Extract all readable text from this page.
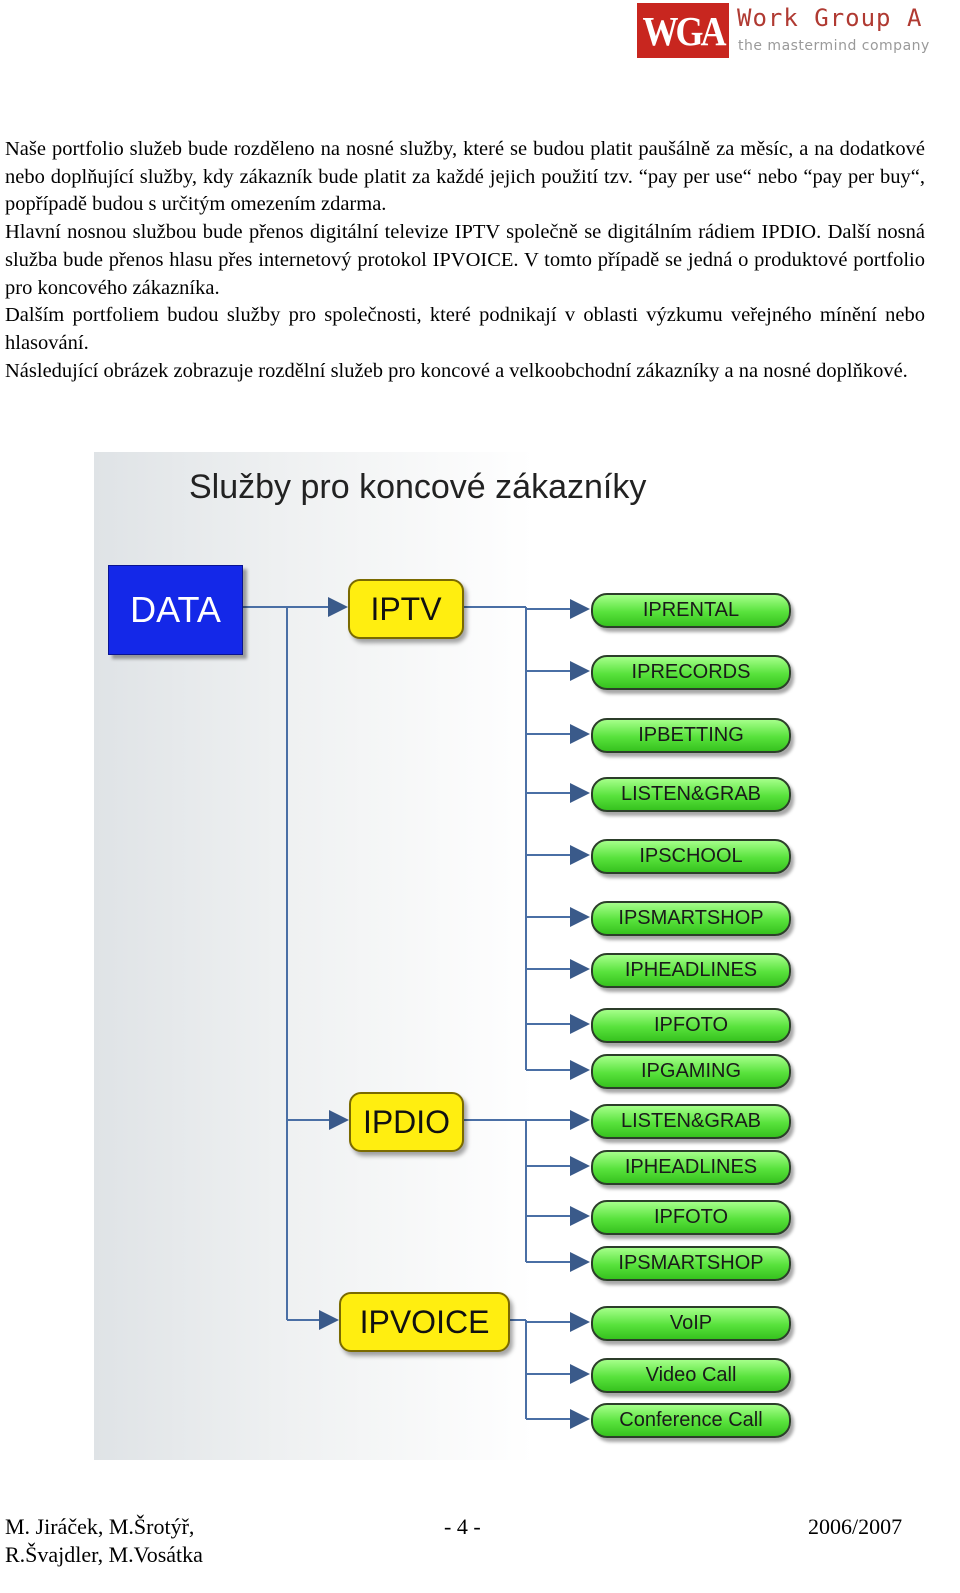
WGA Work Group A
the mastermind company

Naše portfolio služeb bude rozděleno na nosné služby, které se budou platit paušálně za měsíc, a na dodatkové nebo doplňující služby, kdy zákazník bude platit za každé jejich použití tzv. “pay per use“ nebo “pay per buy“, popřípadě budou s určitým omezením zdarma.

Hlavní nosnou službou bude přenos digitální televize IPTV společně se digitálním rádiem IPDIO. Další nosná služba bude přenos hlasu přes internetový protokol IPVOICE. V tomto případě se jedná o produktové portfolio pro koncového zákazníka.

Dalším portfoliem budou služby pro společnosti, které podnikají v oblasti výzkumu veřejného mínění nebo hlasování.

Následující obrázek zobrazuje rozdělní služeb pro koncové a velkoobchodní zákazníky a na nosné doplňkové.

Služby pro koncové zákazníky
DATA	IPTV
IPDIO
IPVOICE
IPRENTAL
IPRECORDS
IPBETTING
LISTEN&GRAB
IPSCHOOL
IPSMARTSHOP
IPHEADLINES
IPFOTO
IPGAMING
LISTEN&GRAB
IPHEADLINES
IPFOTO
IPSMARTSHOP
VoIP
Video Call
Conference Call
M. Jiráček, M.Šrotýř,
R.Švajdler, M.Vosátka
- 4 -	2006/2007
